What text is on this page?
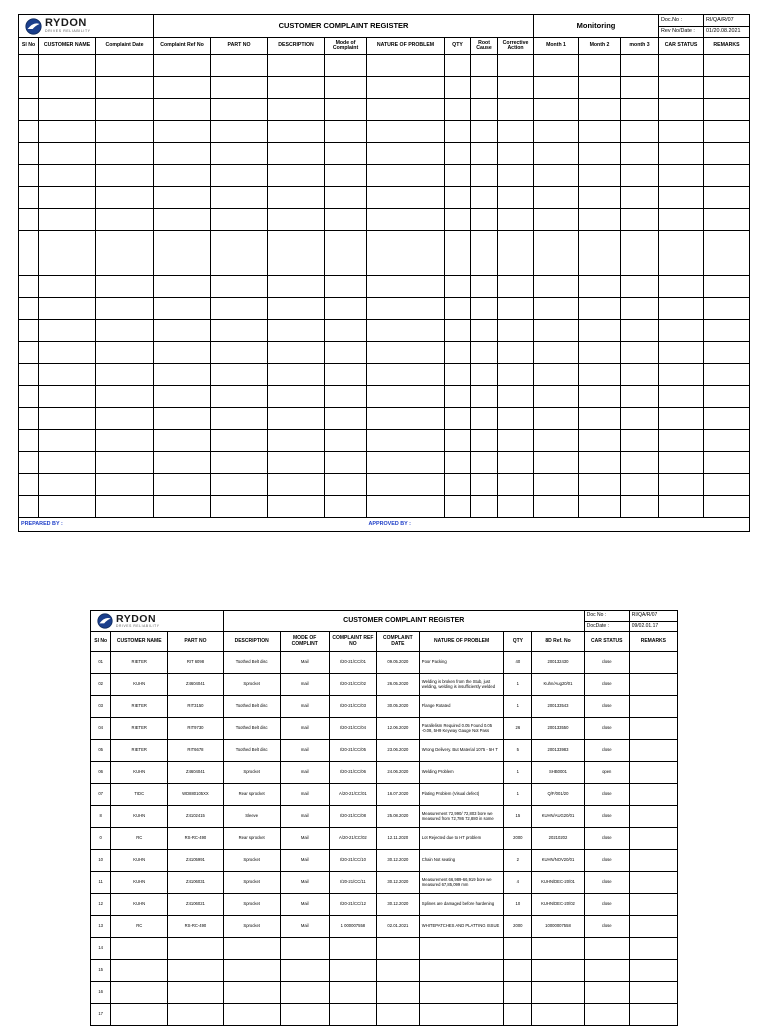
RYDON
DRIVES RELIABILITY			CUSTOMER COMPLAINT REGISTER								Monitoring			Doc.No :	RI/QA/R/07
														Rev No/Date :	01/20.08.2021
Sl No	CUSTOMER NAME	Complaint Date	Complaint Ref No	PART NO	DESCRIPTION	Mode of Complaint	NATURE OF PROBLEM	QTY	Root Cause	Corrective Action	Month 1	Month 2	month 3	CAR STATUS	REMARKS

PREPARED BY :							APPROVED BY :								
RYDON
DRIVES RELIABILITY			CUSTOMER COMPLAINT REGISTER							Doc No :	RI/QA/R/07
										DocDate :	09/02.01.17
Sl No	CUSTOMER NAME	PART NO	DESCRIPTION	MODE OF COMPLINT	COMPLAINT REF NO	COMPLAINT DATE	NATURE OF PROBLEM	QTY	8D Ref. No	CAR STATUS	REMARKS
01	RIETER	RIT 6098	Toothed Belt disc	Mail	I/20-21/CC/01	09.05.2020	Poor Packing	40	200132430	close	
02	KUHN	Z4604041	Sprocket	mail	I/20-21/CC/02	26.05.2020	Welding is broken from the Stub, just welding, welding is insufficiently welded	1	Kuhn/Aug20/01	close	
03	RIETER	RIT3150	Toothed Belt disc	mail	I/20-21/CC/03	30.05.2020	Flange Rotated	1	200133543	close	
04	RIETER	RIT9730	Toothed Belt disc	mail	I/20-21/CC/04	12.06.2020	Parallelism Required 0.05 Found 0.05 -0.08, 5H9 Keyway Gauge Not Pass	26	200133550	close	
05	RIETER	RIT6678	Toothed Belt disc	mail	I/20-21/CC/05	23.06.2020	Wrong Delivery. But Material 1075 - 5H T	5	200133983	close	
06	KUHN	Z4604041	Sprocket	mail	I/20-21/CC/06	24.06.2020	Welding Problem	1	SHB0001	open	
07	TIDC	WD880105XX	Rear sprocket	mail	A/20-21/CC/01	16.07.2020	Plating Problem (Visual defect)	1	Q/F/001/20	close	
8	KUHN	Z4102415	Sleeve	mail	I/20-21/CC/08	25.08.2020	Measurement 72,990/ 72,803 bore we measured from 72,786 72,880 in some	15	KUHN/AUG20/01	close	
0	RC	RS-RC-490	Rear sprocket	Mail	A/20-21/CC/02	12.11.2020	Lot Rejected due to HT problem	2000	20210202	close	
10	KUHN	Z4105991	Sprocket	Mail	I/20-21/CC/10	30.12.2020	Chain Not seating	2	KUHN/NOV20/01	close	
11	KUHN	Z4106031	Sprocket	Mail	I/20-21/CC/11	30.12.2020	Measurement 66,989-66,919 bore we measured 67,85,099 mm	4	KUHN/DEC-20/01	close	
12	KUHN	Z4106021	Sprocket	Mail	I/20-21/CC/12	30.12.2020	Splines are damaged before hardening	10	KUHN/DEC-20/02	close	
13	RC	RS-RC-490	Sprocket	Mail	1 000007558	02.01.2021	WHITEPATCHES AND PLATTING ISSUE	2000	10000007558	close	
14											
15											
16											
17											
